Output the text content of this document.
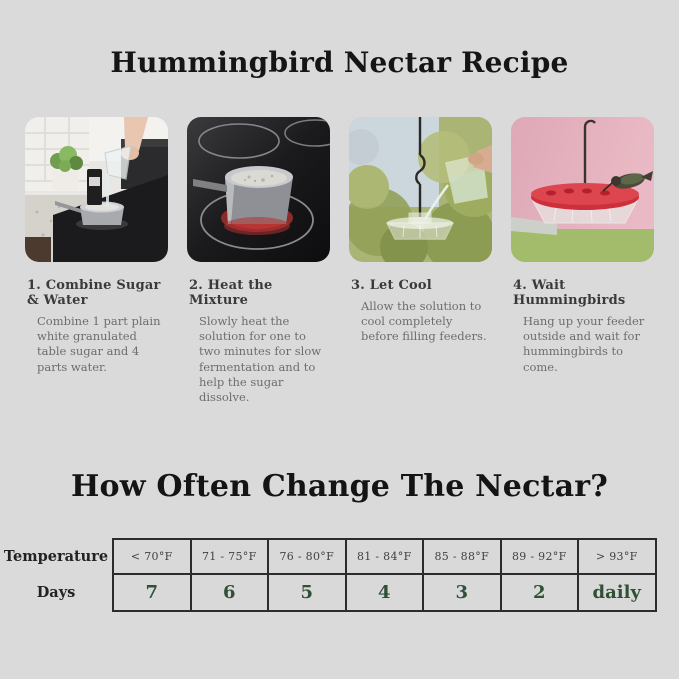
Hummingbird Nectar Recipe
1. Combine Sugar & Water

Combine 1 part plain white granulated table sugar and 4 parts water.

2. Heat the Mixture

Slowly heat the solution for one to two minutes for slow fermentation and to help the sugar dissolve.

3. Let Cool

Allow the solution to cool completely before filling feeders.

4. Wait Hummingbirds

Hang up your feeder outside and wait for hummingbirds to come.

How Often Change The Nectar?
Temperature	< 70°F	71 - 75°F	76 - 80°F	81 - 84°F	85 - 88°F	89 - 92°F	> 93°F
Days	7	6	5	4	3	2	daily
